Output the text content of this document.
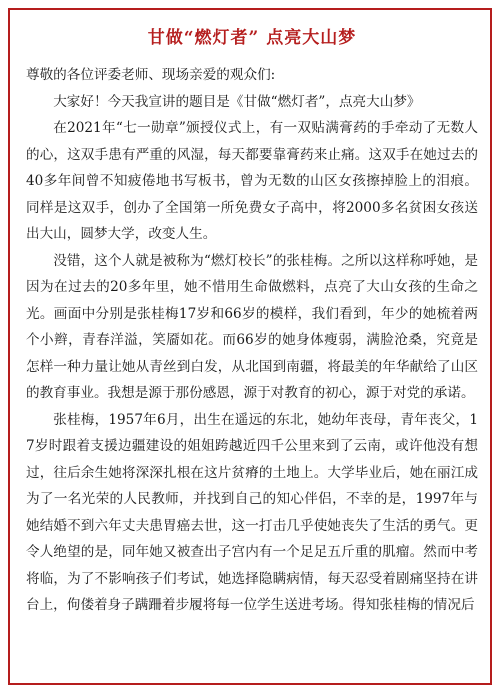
甘做“燃灯者” 点亮大山梦

尊敬的各位评委老师、现场亲爱的观众们:

大家好！今天我宣讲的题目是《甘做“燃灯者”，点亮大山梦》

在2021年“七一勋章”颁授仪式上，有一双贴满膏药的手牵动了无数人的心，这双手患有严重的风湿，每天都要靠膏药来止痛。这双手在她过去的40多年间曾不知疲倦地书写板书，曾为无数的山区女孩擦掉脸上的泪痕。同样是这双手，创办了全国第一所免费女子高中，将2000多名贫困女孩送出大山，圆梦大学，改变人生。

没错，这个人就是被称为“燃灯校长”的张桂梅。之所以这样称呼她，是因为在过去的20多年里，她不惜用生命做燃料，点亮了大山女孩的生命之光。画面中分别是张桂梅17岁和66岁的模样，我们看到，年少的她梳着两个小辫，青春洋溢，笑靥如花。而66岁的她身体瘦弱，满脸沧桑，究竟是怎样一种力量让她从青丝到白发，从北国到南疆，将最美的年华献给了山区的教育事业。我想是源于那份感恩，源于对教育的初心，源于对党的承诺。

张桂梅，1957年6月，出生在遥远的东北，她幼年丧母，青年丧父，17岁时跟着支援边疆建设的姐姐跨越近四千公里来到了云南，或许他没有想过，往后余生她将深深扎根在这片贫瘠的土地上。大学毕业后，她在丽江成为了一名光荣的人民教师，并找到自己的知心伴侣，不幸的是，1997年与她结婚不到六年丈夫患胃癌去世，这一打击几乎使她丧失了生活的勇气。更令人绝望的是，同年她又被查出子宫内有一个足足五斤重的肌瘤。然而中考将临，为了不影响孩子们考试，她选择隐瞒病情，每天忍受着剧痛坚持在讲台上，佝偻着身子蹒跚着步履将每一位学生送进考场。得知张桂梅的情况后
